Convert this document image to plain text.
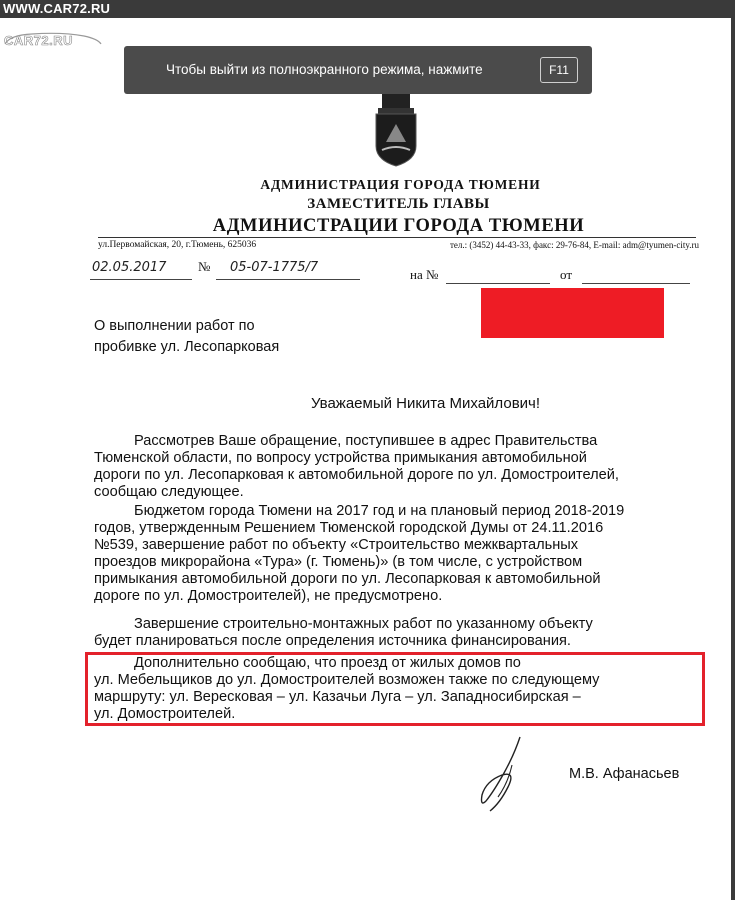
WWW.CAR72.RU
CAR72.RU
Чтобы выйти из полноэкранного режима, нажмите	F11
АДМИНИСТРАЦИЯ ГОРОДА ТЮМЕНИ
ЗАМЕСТИТЕЛЬ ГЛАВЫ
АДМИНИСТРАЦИИ ГОРОДА ТЮМЕНИ
ул.Первомайская, 20, г.Тюмень, 625036	тел.: (3452) 44-43-33, факс: 29-76-84, E-mail: adm@tyumen-city.ru
02.05.2017 № 05-07-1775/7	на №	от
О выполнении работ по
пробивке ул. Лесопарковая
Уважаемый Никита Михайлович!
Рассмотрев Ваше обращение, поступившее в адрес Правительства
Тюменской области, по вопросу устройства примыкания автомобильной
дороги по ул. Лесопарковая к автомобильной дороге по ул. Домостроителей,
сообщаю следующее.
Бюджетом города Тюмени на 2017 год и на плановый период 2018-2019
годов, утвержденным Решением Тюменской городской Думы от 24.11.2016
№539, завершение работ по объекту «Строительство межквартальных
проездов микрорайона «Тура» (г. Тюмень)» (в том числе, с устройством
примыкания автомобильной дороги по ул. Лесопарковая к автомобильной
дороге по ул. Домостроителей), не предусмотрено.
Завершение строительно-монтажных работ по указанному объекту
будет планироваться после определения источника финансирования.
Дополнительно сообщаю, что проезд от жилых домов по
ул. Мебельщиков до ул. Домостроителей возможен также по следующему
маршруту: ул. Вересковая – ул. Казачьи Луга – ул. Западносибирская –
ул. Домостроителей.
М.В. Афанасьев
